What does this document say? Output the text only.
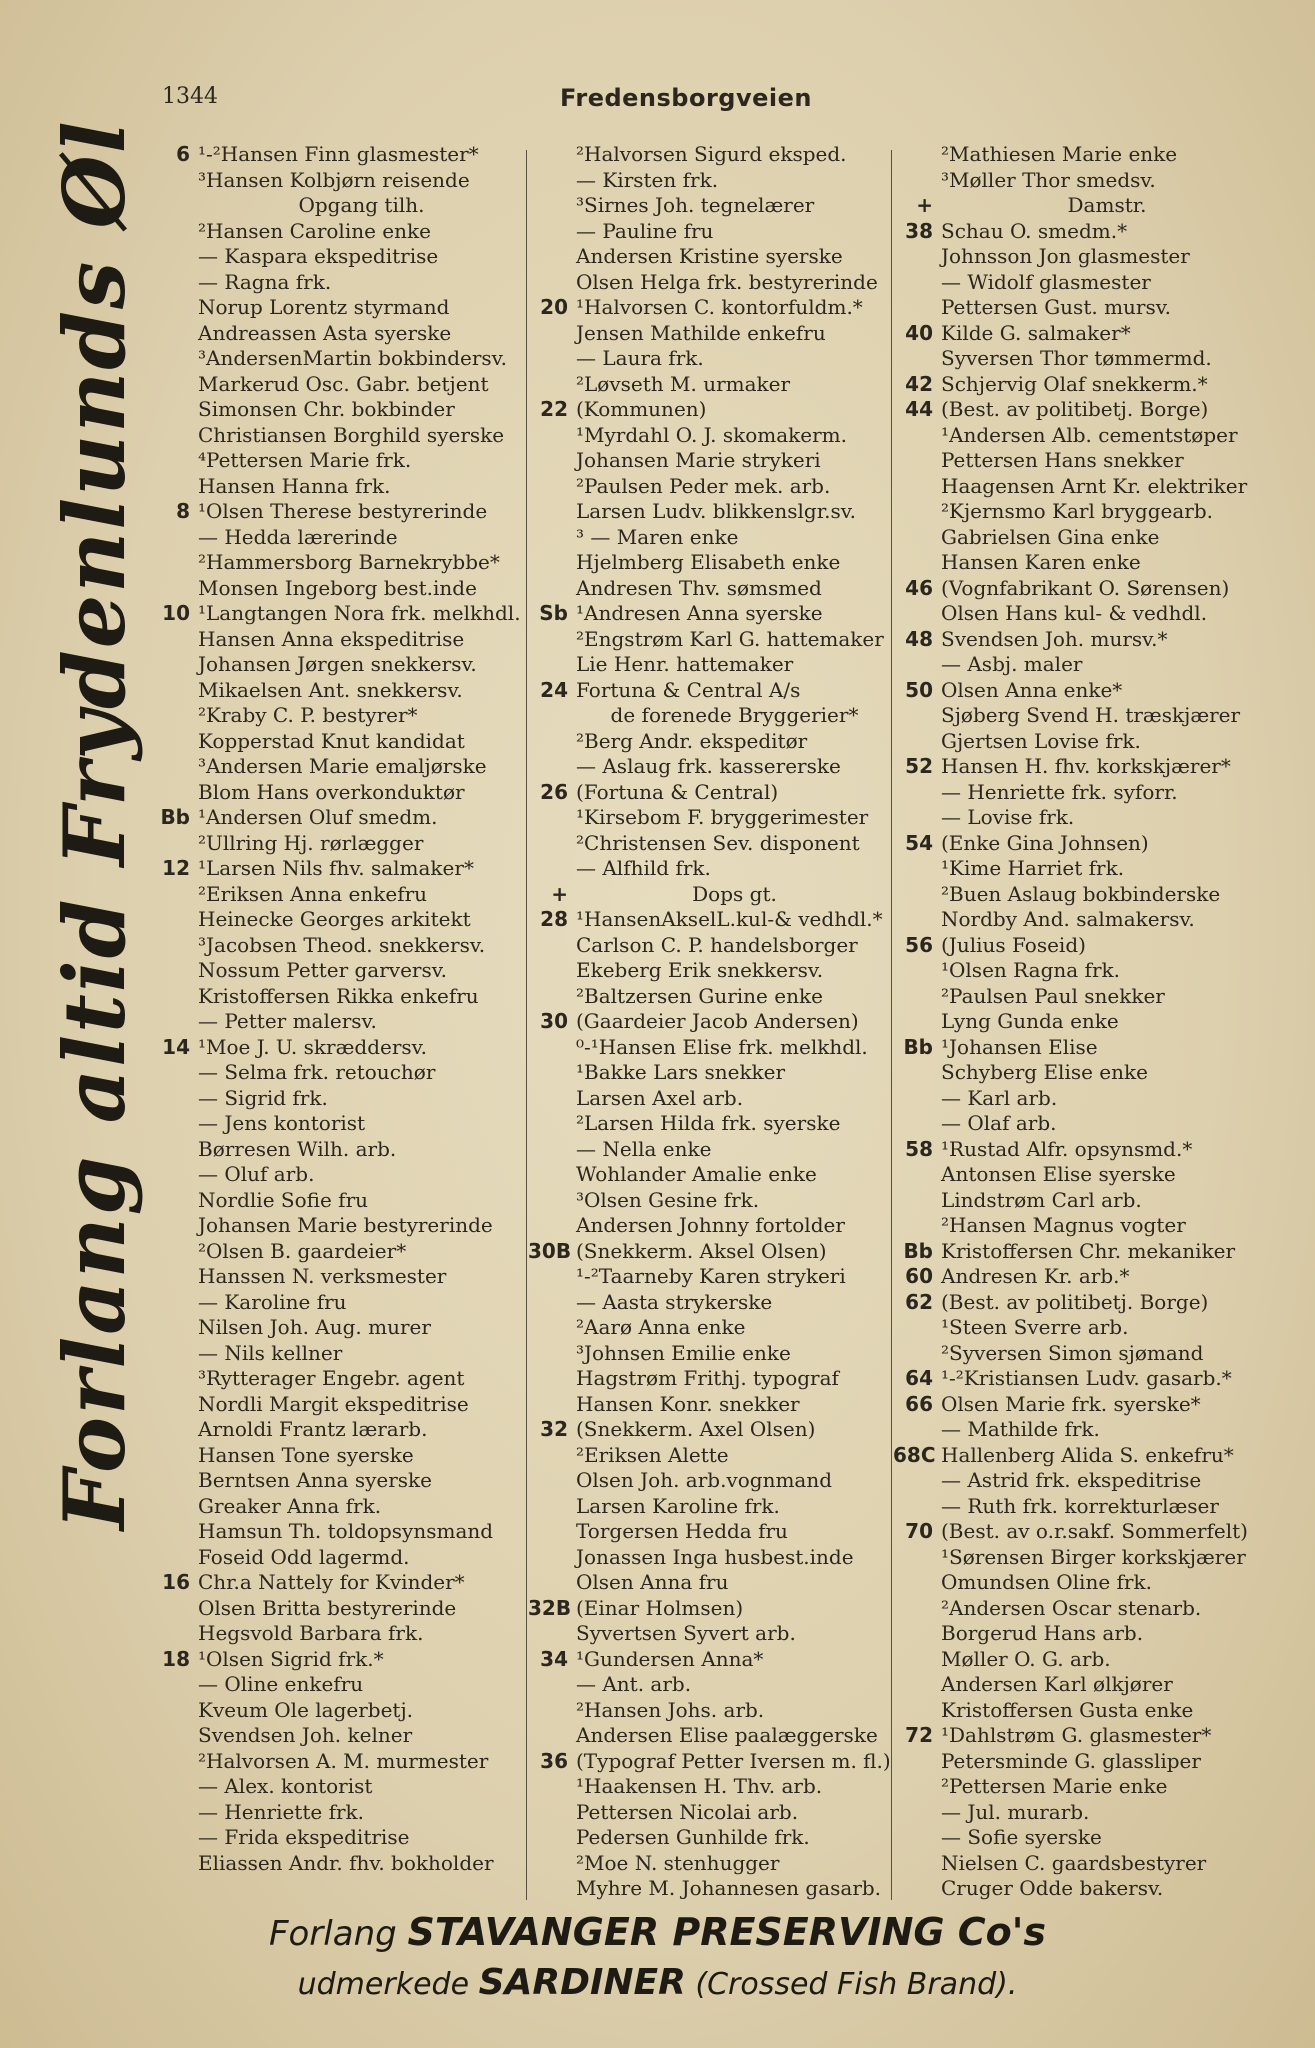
1344	Fredensborgveien
Forlang altid Frydenlunds Øl	6 ¹-²Hansen Finn glasmester*
³Hansen Kolbjørn reisende
Opgang tilh.
²Hansen Caroline enke
— Kaspara ekspeditrise
— Ragna frk.
Norup Lorentz styrmand
Andreassen Asta syerske
³AndersenMartin bokbindersv.
Markerud Osc. Gabr. betjent
Simonsen Chr. bokbinder
Christiansen Borghild syerske
⁴Pettersen Marie frk.
Hansen Hanna frk.
8 ¹Olsen Therese bestyrerinde
— Hedda lærerinde
²Hammersborg Barnekrybbe*
Monsen Ingeborg best.inde
10 ¹Langtangen Nora frk. melkhdl.
Hansen Anna ekspeditrise
Johansen Jørgen snekkersv.
Mikaelsen Ant. snekkersv.
²Kraby C. P. bestyrer*
Kopperstad Knut kandidat
³Andersen Marie emaljørske
Blom Hans overkonduktør
Bb ¹Andersen Oluf smedm.
²Ullring Hj. rørlægger
12 ¹Larsen Nils fhv. salmaker*
²Eriksen Anna enkefru
Heinecke Georges arkitekt
³Jacobsen Theod. snekkersv.
Nossum Petter garversv.
Kristoffersen Rikka enkefru
— Petter malersv.
14 ¹Moe J. U. skræddersv.
— Selma frk. retouchør
— Sigrid frk.
— Jens kontorist
Børresen Wilh. arb.
— Oluf arb.
Nordlie Sofie fru
Johansen Marie bestyrerinde
²Olsen B. gaardeier*
Hanssen N. verksmester
— Karoline fru
Nilsen Joh. Aug. murer
— Nils kellner
³Rytterager Engebr. agent
Nordli Margit ekspeditrise
Arnoldi Frantz lærarb.
Hansen Tone syerske
Berntsen Anna syerske
Greaker Anna frk.
Hamsun Th. toldopsynsmand
Foseid Odd lagermd.
16 Chr.a Nattely for Kvinder*
Olsen Britta bestyrerinde
Hegsvold Barbara frk.
18 ¹Olsen Sigrid frk.*
— Oline enkefru
Kveum Ole lagerbetj.
Svendsen Joh. kelner
²Halvorsen A. M. murmester
— Alex. kontorist
— Henriette frk.
— Frida ekspeditrise
Eliassen Andr. fhv. bokholder
²Halvorsen Sigurd eksped.
— Kirsten frk.
³Sirnes Joh. tegnelærer
— Pauline fru
Andersen Kristine syerske
Olsen Helga frk. bestyrerinde
20 ¹Halvorsen C. kontorfuldm.*
Jensen Mathilde enkefru
— Laura frk.
²Løvseth M. urmaker
22 (Kommunen)
¹Myrdahl O. J. skomakerm.
Johansen Marie strykeri
²Paulsen Peder mek. arb.
Larsen Ludv. blikkenslgr.sv.
³ — Maren enke
Hjelmberg Elisabeth enke
Andresen Thv. sømsmed
Sb ¹Andresen Anna syerske
²Engstrøm Karl G. hattemaker
Lie Henr. hattemaker
24 Fortuna & Central A/s
de forenede Bryggerier*
²Berg Andr. ekspeditør
— Aslaug frk. kassererske
26 (Fortuna & Central)
¹Kirsebom F. bryggerimester
²Christensen Sev. disponent
— Alfhild frk.
+	Dops gt.
28 ¹HansenAkselL.kul-& vedhdl.*
Carlson C. P. handelsborger
Ekeberg Erik snekkersv.
²Baltzersen Gurine enke
30 (Gaardeier Jacob Andersen)
⁰-¹Hansen Elise frk. melkhdl.
¹Bakke Lars snekker
Larsen Axel arb.
²Larsen Hilda frk. syerske
— Nella enke
Wohlander Amalie enke
³Olsen Gesine frk.
Andersen Johnny fortolder
30B (Snekkerm. Aksel Olsen)
¹-²Taarneby Karen strykeri
— Aasta strykerske
²Aarø Anna enke
³Johnsen Emilie enke
Hagstrøm Frithj. typograf
Hansen Konr. snekker
32 (Snekkerm. Axel Olsen)
²Eriksen Alette
Olsen Joh. arb.vognmand
Larsen Karoline frk.
Torgersen Hedda fru
Jonassen Inga husbest.inde
Olsen Anna fru
32B (Einar Holmsen)
Syvertsen Syvert arb.
34 ¹Gundersen Anna*
— Ant. arb.
²Hansen Johs. arb.
Andersen Elise paalæggerske
36 (Typograf Petter Iversen m. fl.)
¹Haakensen H. Thv. arb.
Pettersen Nicolai arb.
Pedersen Gunhilde frk.
²Moe N. stenhugger
Myhre M. Johannesen gasarb.
²Mathiesen Marie enke
³Møller Thor smedsv.
+	Damstr.
38 Schau O. smedm.*
Johnsson Jon glasmester
— Widolf glasmester
Pettersen Gust. mursv.
40 Kilde G. salmaker*
Syversen Thor tømmermd.
42 Schjervig Olaf snekkerm.*
44 (Best. av politibetj. Borge)
¹Andersen Alb. cementstøper
Pettersen Hans snekker
Haagensen Arnt Kr. elektriker
²Kjernsmo Karl bryggearb.
Gabrielsen Gina enke
Hansen Karen enke
46 (Vognfabrikant O. Sørensen)
Olsen Hans kul- & vedhdl.
48 Svendsen Joh. mursv.*
— Asbj. maler
50 Olsen Anna enke*
Sjøberg Svend H. træskjærer
Gjertsen Lovise frk.
52 Hansen H. fhv. korkskjærer*
— Henriette frk. syforr.
— Lovise frk.
54 (Enke Gina Johnsen)
¹Kime Harriet frk.
²Buen Aslaug bokbinderske
Nordby And. salmakersv.
56 (Julius Foseid)
¹Olsen Ragna frk.
²Paulsen Paul snekker
Lyng Gunda enke
Bb ¹Johansen Elise
Schyberg Elise enke
— Karl arb.
— Olaf arb.
58 ¹Rustad Alfr. opsynsmd.*
Antonsen Elise syerske
Lindstrøm Carl arb.
²Hansen Magnus vogter
Bb Kristoffersen Chr. mekaniker
60 Andresen Kr. arb.*
62 (Best. av politibetj. Borge)
¹Steen Sverre arb.
²Syversen Simon sjømand
64 ¹-²Kristiansen Ludv. gasarb.*
66 Olsen Marie frk. syerske*
— Mathilde frk.
68C Hallenberg Alida S. enkefru*
— Astrid frk. ekspeditrise
— Ruth frk. korrekturlæser
70 (Best. av o.r.sakf. Sommerfelt)
¹Sørensen Birger korkskjærer
Omundsen Oline frk.
²Andersen Oscar stenarb.
Borgerud Hans arb.
Møller O. G. arb.
Andersen Karl ølkjører
Kristoffersen Gusta enke
72 ¹Dahlstrøm G. glasmester*
Petersminde G. glassliper
²Pettersen Marie enke
— Jul. murarb.
— Sofie syerske
Nielsen C. gaardsbestyrer
Cruger Odde bakersv.
Forlang STAVANGER PRESERVING Co's
udmerkede SARDINER (Crossed Fish Brand).
